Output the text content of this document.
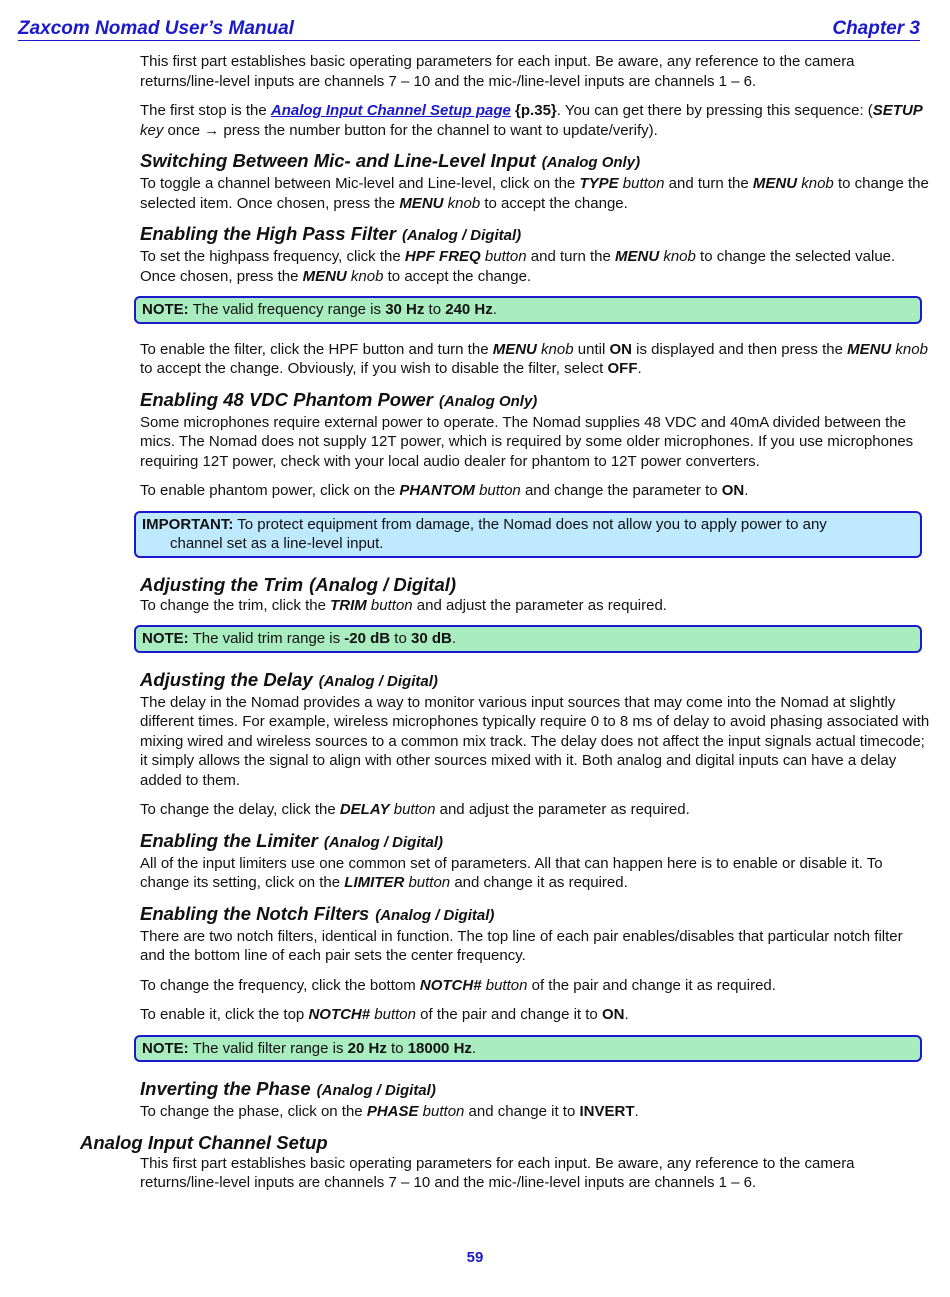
Zaxcom Nomad User’s Manual	Chapter 3

This first part establishes basic operating parameters for each input. Be aware, any reference to the camera returns/line-level inputs are channels 7 – 10 and the mic-/line-level inputs are channels 1 – 6.

The first stop is the Analog Input Channel Setup page {p.35}. You can get there by pressing this sequence: (SETUP key once → press the number button for the channel to want to update/verify).

Switching Between Mic- and Line-Level Input (Analog Only)

To toggle a channel between Mic-level and Line-level, click on the TYPE button and turn the MENU knob to change the selected item. Once chosen, press the MENU knob to accept the change.

Enabling the High Pass Filter (Analog / Digital)

To set the highpass frequency, click the HPF FREQ button and turn the MENU knob to change the selected value. Once chosen, press the MENU knob to accept the change.

NOTE: The valid frequency range is 30 Hz to 240 Hz.

To enable the filter, click the HPF button and turn the MENU knob until ON is displayed and then press the MENU knob to accept the change. Obviously, if you wish to disable the filter, select OFF.

Enabling 48 VDC Phantom Power (Analog Only)

Some microphones require external power to operate. The Nomad supplies 48 VDC and 40mA divided between the mics. The Nomad does not supply 12T power, which is required by some older microphones. If you use microphones requiring 12T power, check with your local audio dealer for phantom to 12T power converters.

To enable phantom power, click on the PHANTOM button and change the parameter to ON.

IMPORTANT: To protect equipment from damage, the Nomad does not allow you to apply power to any
channel set as a line-level input.
Adjusting the Trim (Analog / Digital)

To change the trim, click the TRIM button and adjust the parameter as required.

NOTE: The valid trim range is -20 dB to 30 dB.
Adjusting the Delay (Analog / Digital)

The delay in the Nomad provides a way to monitor various input sources that may come into the Nomad at slightly different times. For example, wireless microphones typically require 0 to 8 ms of delay to avoid phasing associated with mixing wired and wireless sources to a common mix track. The delay does not affect the input signals actual timecode; it simply allows the signal to align with other sources mixed with it. Both analog and digital inputs can have a delay added to them.

To change the delay, click the DELAY button and adjust the parameter as required.

Enabling the Limiter (Analog / Digital)

All of the input limiters use one common set of parameters. All that can happen here is to enable or disable it. To change its setting, click on the LIMITER button and change it as required.

Enabling the Notch Filters (Analog / Digital)

There are two notch filters, identical in function. The top line of each pair enables/disables that particular notch filter and the bottom line of each pair sets the center frequency.

To change the frequency, click the bottom NOTCH# button of the pair and change it as required.

To enable it, click the top NOTCH# button of the pair and change it to ON.

NOTE: The valid filter range is 20 Hz to 18000 Hz.
Inverting the Phase (Analog / Digital)

To change the phase, click on the PHASE button and change it to INVERT.

Analog Input Channel Setup

This first part establishes basic operating parameters for each input. Be aware, any reference to the camera returns/line-level inputs are channels 7 – 10 and the mic-/line-level inputs are channels 1 – 6.

59
